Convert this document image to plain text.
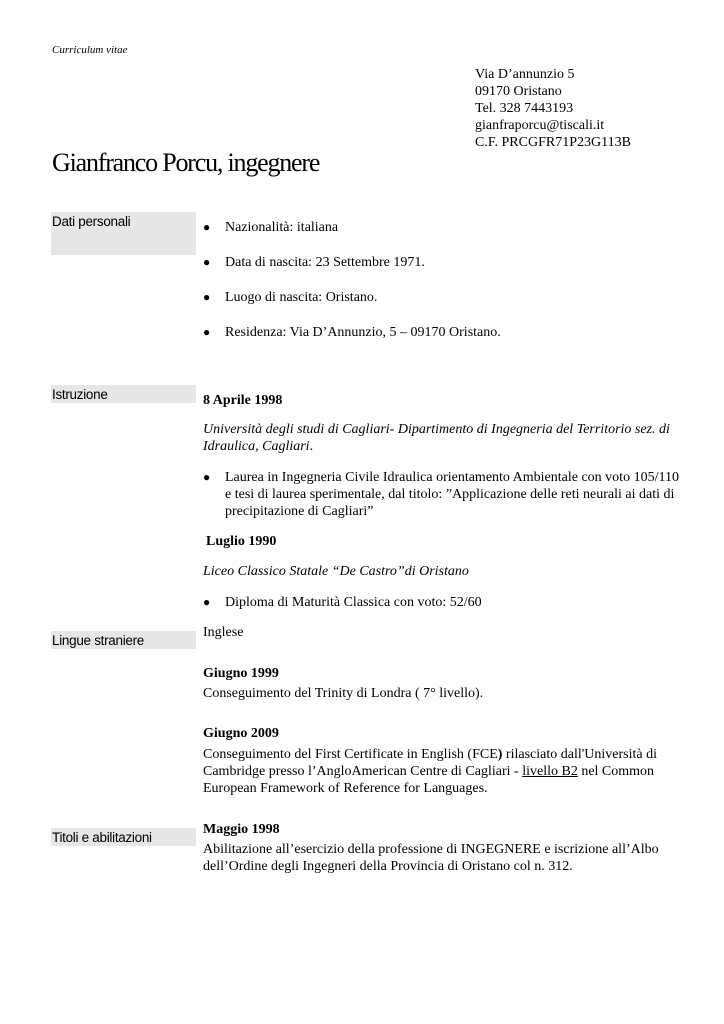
Curriculum vitae
Via D’annunzio 5
09170 Oristano
Tel. 328 7443193
gianfraporcu@tiscali.it
C.F. PRCGFR71P23G113B
Gianfranco Porcu, ingegnere
Dati personali	● Nazionalità: italiana
● Data di nascita: 23 Settembre 1971.
● Luogo di nascita: Oristano.
● Residenza: Via D’Annunzio, 5 – 09170 Oristano.
Istruzione	8 Aprile 1998
Università degli studi di Cagliari- Dipartimento di Ingegneria del Territorio sez. di Idraulica, Cagliari.
● Laurea in Ingegneria Civile Idraulica orientamento Ambientale con voto 105/110 e tesi di laurea sperimentale, dal titolo: ”Applicazione delle reti neurali ai dati di precipitazione di Cagliari”
Luglio 1990
Liceo Classico Statale “De Castro”di Oristano
● Diploma di Maturità Classica con voto: 52/60
Lingue straniere
Inglese
Giugno 1999
Conseguimento del Trinity di Londra ( 7° livello).
Giugno 2009
Conseguimento del First Certificate in English (FCE) rilasciato dall'Università di Cambridge presso l’AngloAmerican Centre di Cagliari - livello B2 nel Common European Framework of Reference for Languages.
Titoli e abilitazioni
Maggio 1998
Abilitazione all’esercizio della professione di INGEGNERE e iscrizione all’Albo dell’Ordine degli Ingegneri della Provincia di Oristano col n. 312.
